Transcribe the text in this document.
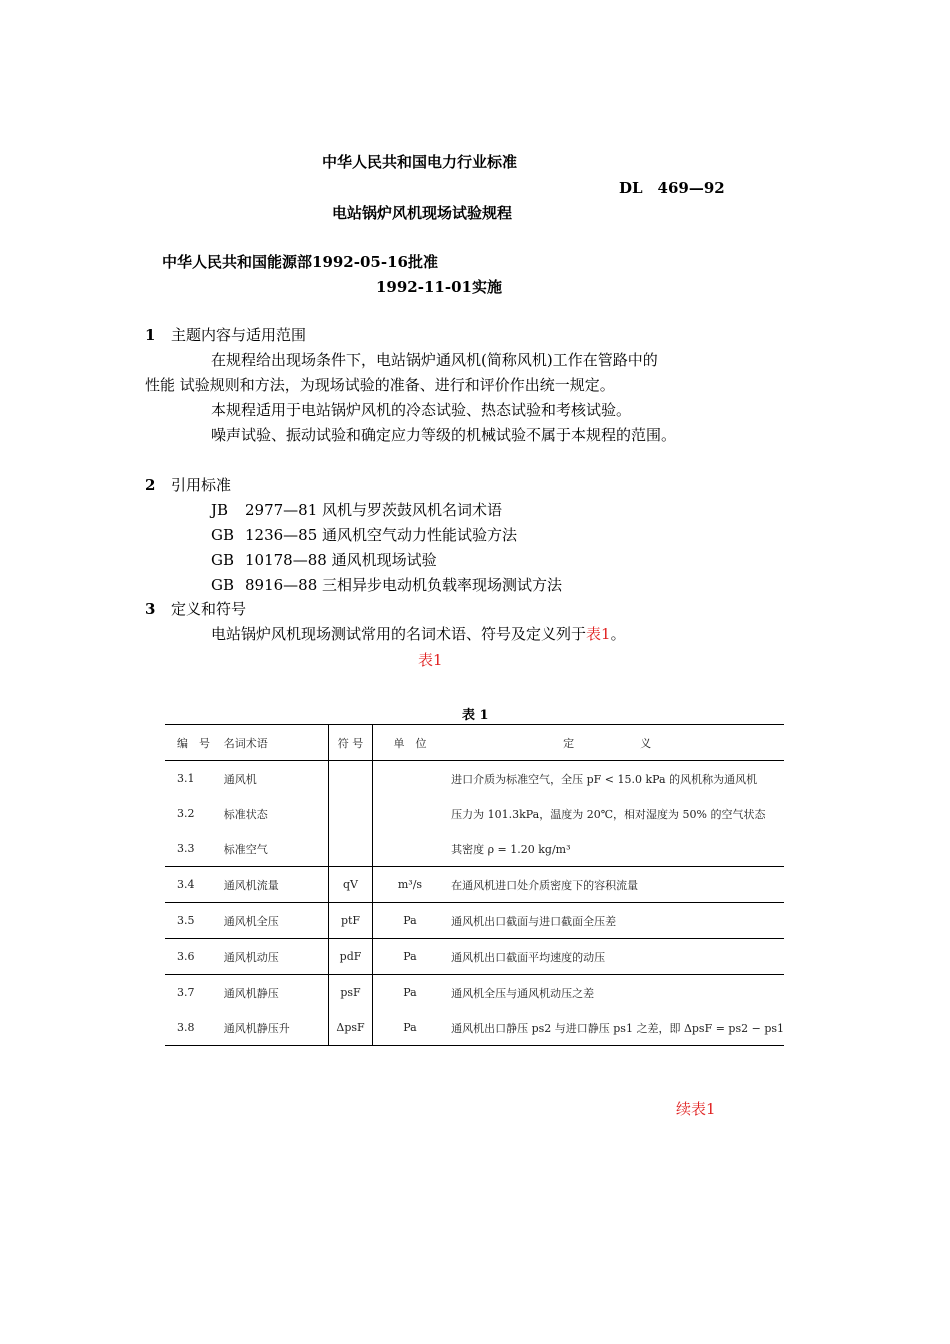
中华人民共和国电力行业标准
DL　469—92
电站锅炉风机现场试验规程
中华人民共和国能源部1992-05-16批准
1992-11-01实施
1 主题内容与适用范围
在规程给出现场条件下，电站锅炉通风机(简称风机)工作在管路中的
性能 试验规则和方法，为现场试验的准备、进行和评价作出统一规定。
本规程适用于电站锅炉风机的冷态试验、热态试验和考核试验。
噪声试验、振动试验和确定应力等级的机械试验不属于本规程的范围。
2 引用标准
JB 2977—81 风机与罗茨鼓风机名词术语
GB 1236—85 通风机空气动力性能试验方法
GB 10178—88 通风机现场试验
GB 8916—88 三相异步电动机负载率现场测试方法
3 定义和符号
电站锅炉风机现场测试常用的名词术语、符号及定义列于表1。
表1
表 1
编　号	名词术语	符 号	单　位	定 义
3.1	通风机			进口介质为标准空气，全压 pF < 15.0 kPa 的风机称为通风机
3.2	标准状态			压力为 101.3kPa，温度为 20℃，相对湿度为 50% 的空气状态
3.3	标准空气			其密度 ρ = 1.20 kg/m³
3.4	通风机流量	qV	m³/s	在通风机进口处介质密度下的容积流量
3.5	通风机全压	ptF	Pa	通风机出口截面与进口截面全压差
3.6	通风机动压	pdF	Pa	通风机出口截面平均速度的动压
3.7	通风机静压	psF	Pa	通风机全压与通风机动压之差
3.8	通风机静压升	ΔpsF	Pa	通风机出口静压 ps2 与进口静压 ps1 之差，即 ΔpsF = ps2 − ps1
续表1
